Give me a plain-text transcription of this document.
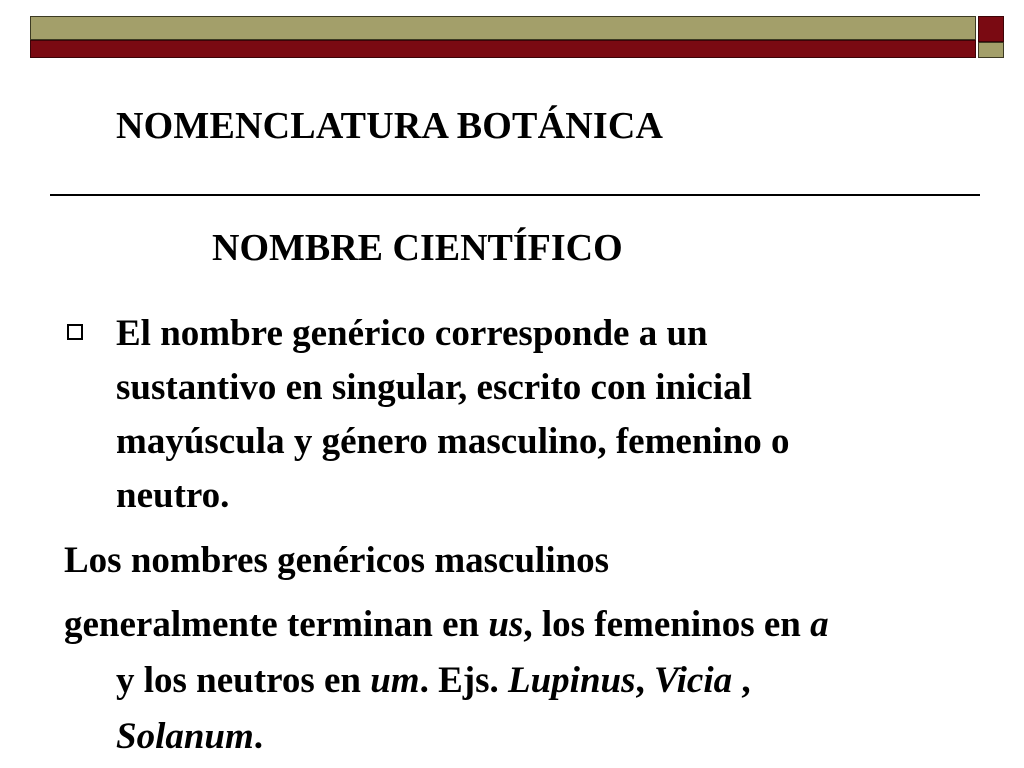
NOMENCLATURA BOTÁNICA
NOMBRE CIENTÍFICO
El nombre genérico corresponde a un
sustantivo en singular, escrito con inicial
mayúscula y género masculino, femenino o
neutro.
Los nombres genéricos masculinos
generalmente terminan en us, los femeninos en a
y los neutros en um. Ejs. Lupinus, Vicia ,
Solanum.
